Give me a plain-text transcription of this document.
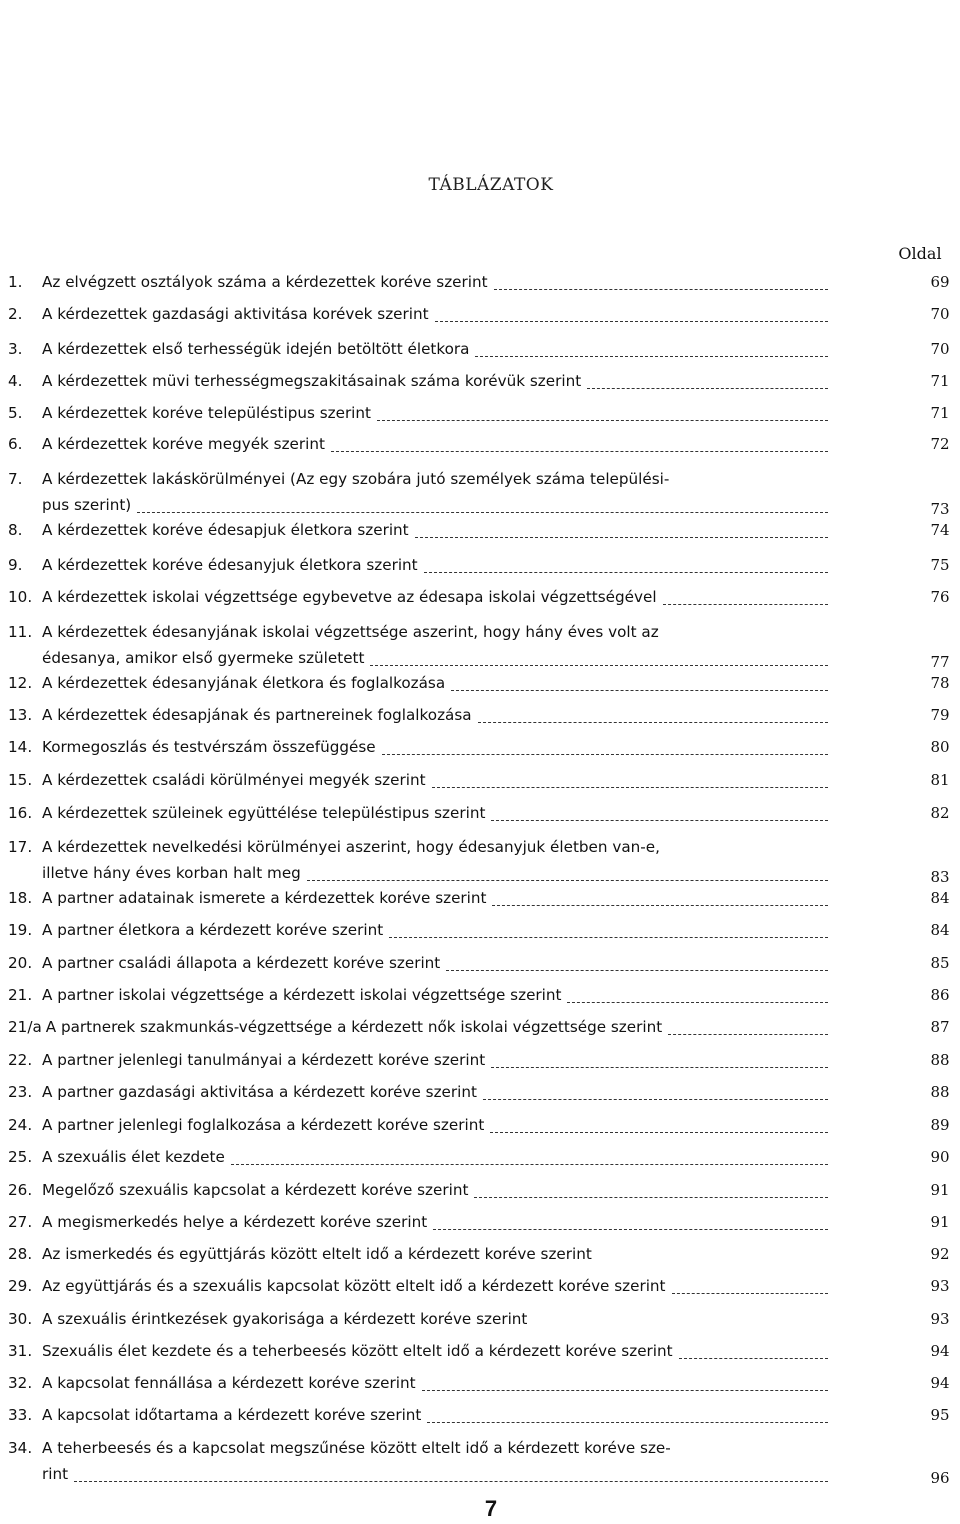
TÁBLÁZATOK
Oldal
1.	Az elvégzett osztályok száma a kérdezettek koréve szerint	69
2.	A kérdezettek gazdasági aktivitása korévek szerint	70
3.	A kérdezettek első terhességük idején betöltött életkora	70
4.	A kérdezettek müvi terhességmegszakitásainak száma korévük szerint	71
5.	A kérdezettek koréve településtipus szerint	71
6.	A kérdezettek koréve megyék szerint	72
7.	A kérdezettek lakáskörülményei (Az egy szobára jutó személyek száma települési-
pus szerint)	73
8.	A kérdezettek koréve édesapjuk életkora szerint	74
9.	A kérdezettek koréve édesanyjuk életkora szerint	75
10. A kérdezettek iskolai végzettsége egybevetve az édesapa iskolai végzettségével	76
11. A kérdezettek édesanyjának iskolai végzettsége aszerint, hogy hány éves volt az
édesanya, amikor első gyermeke született	77
12. A kérdezettek édesanyjának életkora és foglalkozása	78
13. A kérdezettek édesapjának és partnereinek foglalkozása	79
14. Kormegoszlás és testvérszám összefüggése	80
15. A kérdezettek családi körülményei megyék szerint	81
16. A kérdezettek szüleinek együttélése településtipus szerint	82
17. A kérdezettek nevelkedési körülményei aszerint, hogy édesanyjuk életben van-e,
illetve hány éves korban halt meg	83
18. A partner adatainak ismerete a kérdezettek koréve szerint	84
19. A partner életkora a kérdezett koréve szerint	84
20. A partner családi állapota a kérdezett koréve szerint	85
21. A partner iskolai végzettsége a kérdezett iskolai végzettsége szerint	86
21/a A partnerek szakmunkás-végzettsége a kérdezett nők iskolai végzettsége szerint	87
22. A partner jelenlegi tanulmányai a kérdezett koréve szerint	88
23. A partner gazdasági aktivitása a kérdezett koréve szerint	88
24. A partner jelenlegi foglalkozása a kérdezett koréve szerint	89
25. A szexuális élet kezdete	90
26. Megelőző szexuális kapcsolat a kérdezett koréve szerint	91
27. A megismerkedés helye a kérdezett koréve szerint	91
28. Az ismerkedés és együttjárás között eltelt idő a kérdezett koréve szerint	92
29. Az együttjárás és a szexuális kapcsolat között eltelt idő a kérdezett koréve szerint	93
30. A szexuális érintkezések gyakorisága a kérdezett koréve szerint	93
31. Szexuális élet kezdete és a teherbeesés között eltelt idő a kérdezett koréve szerint	94
32. A kapcsolat fennállása a kérdezett koréve szerint	94
33. A kapcsolat időtartama a kérdezett koréve szerint	95
34. A teherbeesés és a kapcsolat megszűnése között eltelt idő a kérdezett koréve sze-
rint	96
7
